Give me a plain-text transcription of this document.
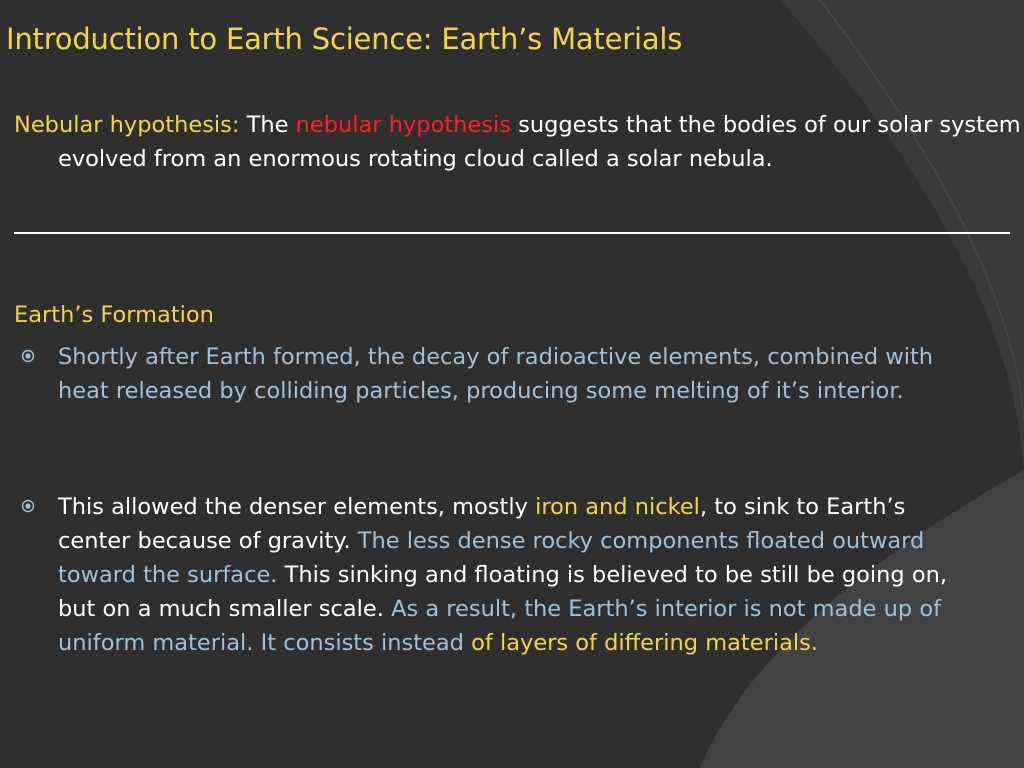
Introduction to Earth Science: Earth’s Materials
Nebular hypothesis: The nebular hypothesis suggests that the bodies of our solar system evolved from an enormous rotating cloud called a solar nebula.
Earth’s Formation
Shortly after Earth formed, the decay of radioactive elements, combined with heat released by colliding particles, producing some melting of it’s interior.
This allowed the denser elements, mostly iron and nickel, to sink to Earth’s center because of gravity. The less dense rocky components floated outward toward the surface. This sinking and floating is believed to be still be going on, but on a much smaller scale. As a result, the Earth’s interior is not made up of uniform material. It consists instead of layers of differing materials.
